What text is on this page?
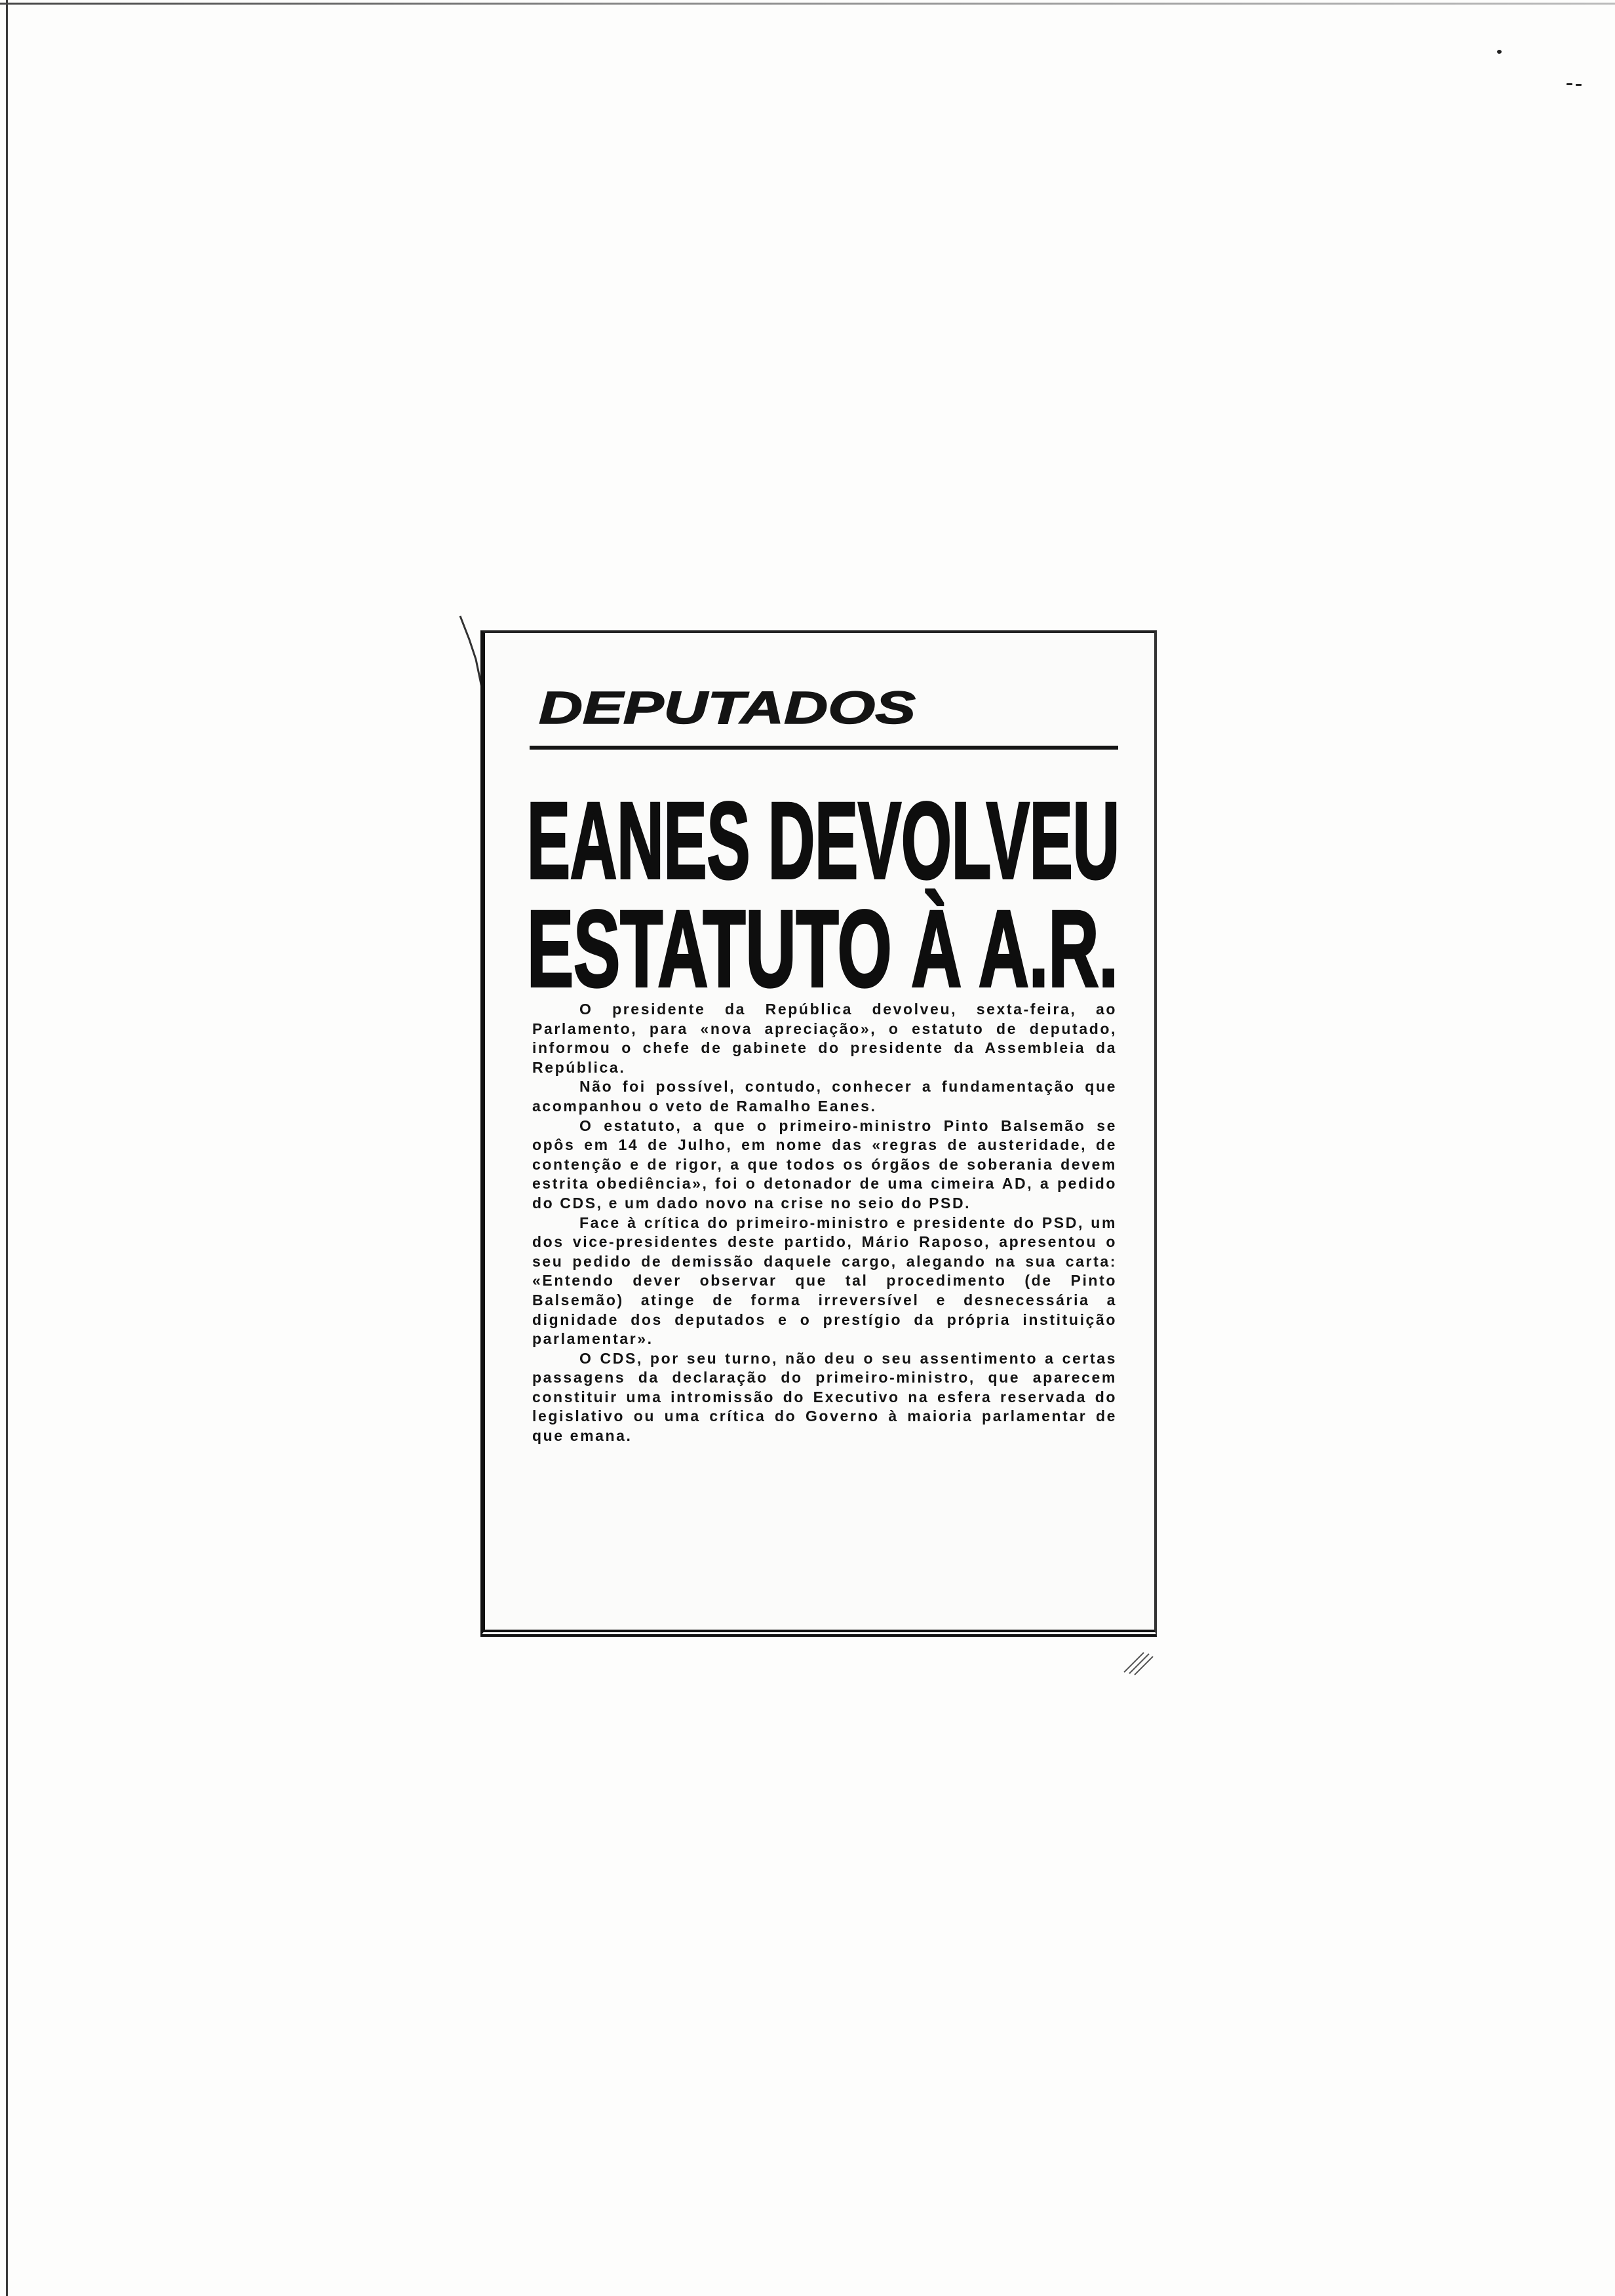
DEPUTADOS
EANES DEVOLVEU
ESTATUTO À A.R.

O presidente da República devolveu, sexta-feira, ao Parlamento, para «nova apreciação», o estatuto de deputado, informou o chefe de gabinete do presidente da Assembleia da República.

Não foi possível, contudo, conhecer a fundamentação que acompanhou o veto de Ramalho Eanes.

O estatuto, a que o primeiro-ministro Pinto Balsemão se opôs em 14 de Julho, em nome das «regras de austeridade, de contenção e de rigor, a que todos os órgãos de soberania devem estrita obediência», foi o detonador de uma cimeira AD, a pedido do CDS, e um dado novo na crise no seio do PSD.

Face à crítica do primeiro-ministro e presidente do PSD, um dos vice-presidentes deste partido, Mário Raposo, apresentou o seu pedido de demissão daquele cargo, alegando na sua carta: «Entendo dever observar que tal procedimento (de Pinto Balsemão) atinge de forma irreversível e desnecessária a dignidade dos deputados e o prestígio da própria instituição parlamentar».

O CDS, por seu turno, não deu o seu assentimento a certas passagens da declaração do primeiro-ministro, que aparecem constituir uma intromissão do Executivo na esfera reservada do legislativo ou uma crítica do Governo à maioria parlamentar de que emana.
